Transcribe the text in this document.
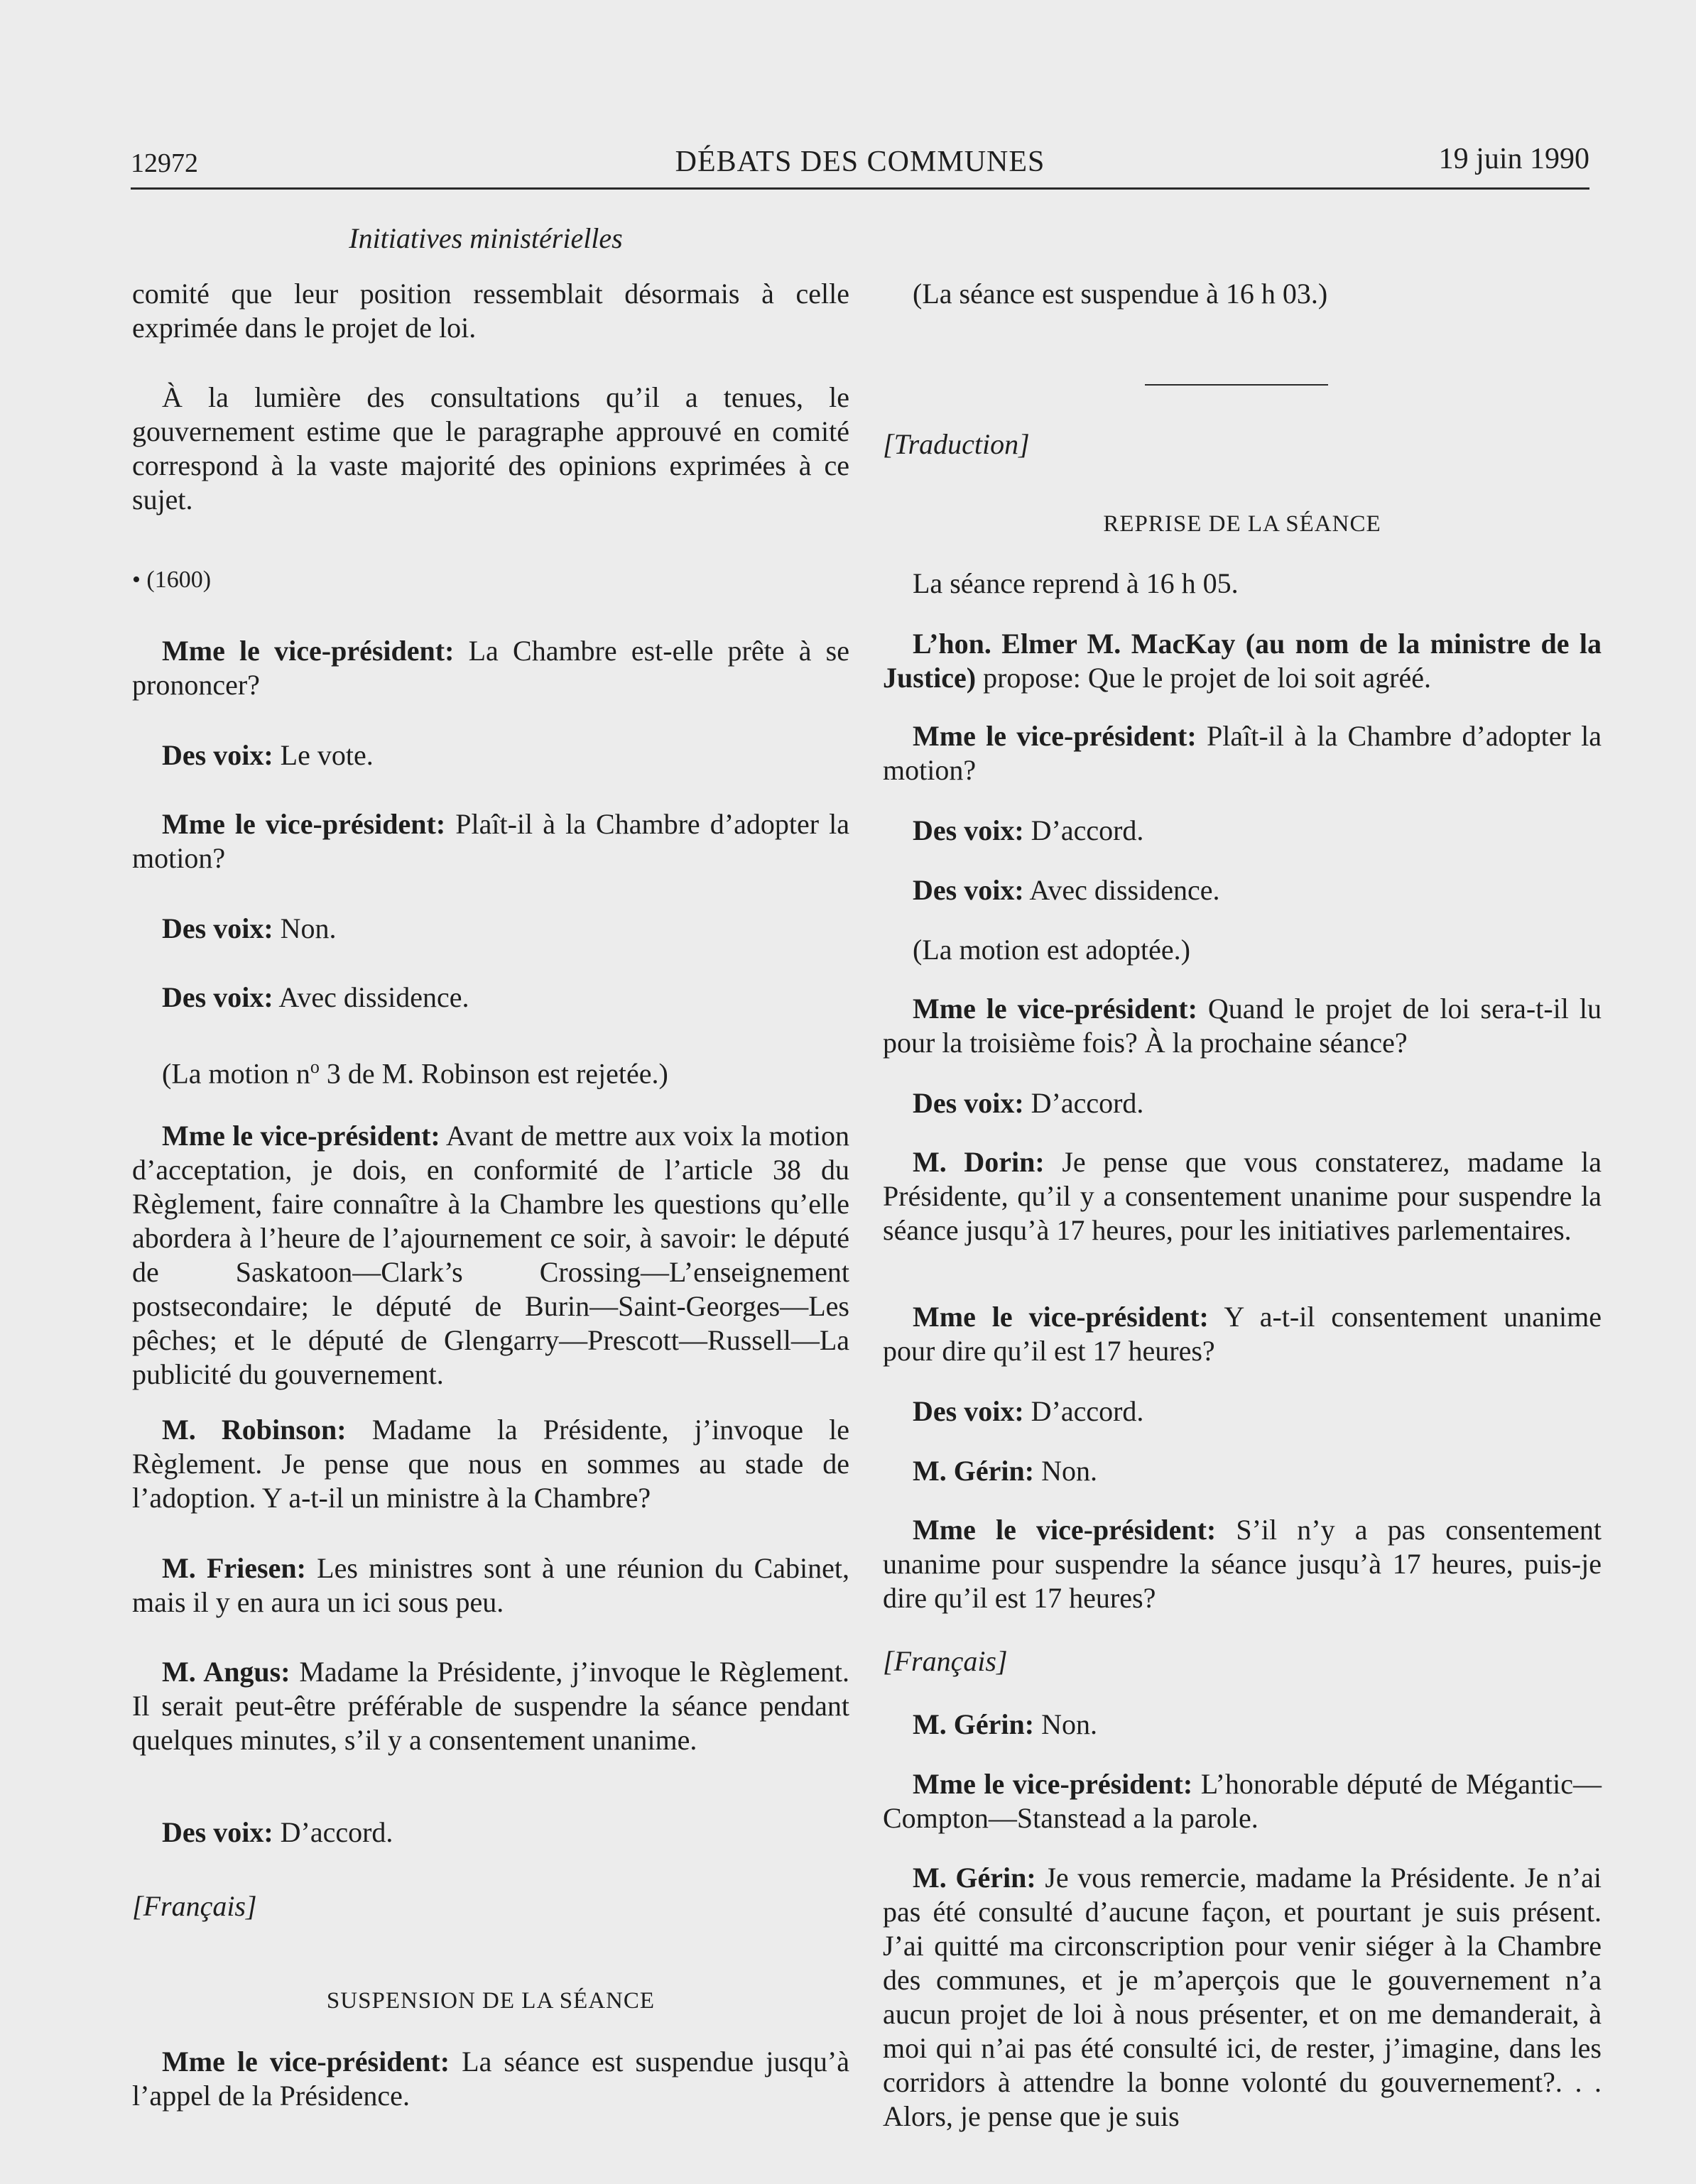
12972	DÉBATS DES COMMUNES	19 juin 1990
Initiatives ministérielles

comité que leur position ressemblait désormais à celle exprimée dans le projet de loi.

À la lumière des consultations qu’il a tenues, le gouvernement estime que le paragraphe approuvé en comité correspond à la vaste majorité des opinions exprimées à ce sujet.

• (1600)

Mme le vice-président: La Chambre est-elle prête à se prononcer?

Des voix: Le vote.

Mme le vice-président: Plaît-il à la Chambre d’adopter la motion?

Des voix: Non.

Des voix: Avec dissidence.

(La motion $n^o$ 3 de M. Robinson est rejetée.)

Mme le vice-président: Avant de mettre aux voix la motion d’acceptation, je dois, en conformité de l’article 38 du Règlement, faire connaître à la Chambre les questions qu’elle abordera à l’heure de l’ajournement ce soir, à savoir: le député de Saskatoon—Clark’s Crossing—L’enseignement postsecondaire; le député de Burin—Saint-Georges—Les pêches; et le député de Glengarry—Prescott—Russell—La publicité du gouvernement.

M. Robinson: Madame la Présidente, j’invoque le Règlement. Je pense que nous en sommes au stade de l’adoption. Y a-t-il un ministre à la Chambre?

M. Friesen: Les ministres sont à une réunion du Cabinet, mais il y en aura un ici sous peu.

M. Angus: Madame la Présidente, j’invoque le Règlement. Il serait peut-être préférable de suspendre la séance pendant quelques minutes, s’il y a consentement unanime.

Des voix: D’accord.

[Français]

SUSPENSION DE LA SÉANCE

Mme le vice-président: La séance est suspendue jusqu’à l’appel de la Présidence.

(La séance est suspendue à 16 h 03.)

[Traduction]

REPRISE DE LA SÉANCE

La séance reprend à 16 h 05.

L’hon. Elmer M. MacKay (au nom de la ministre de la Justice) propose: Que le projet de loi soit agréé.

Mme le vice-président: Plaît-il à la Chambre d’adopter la motion?

Des voix: D’accord.

Des voix: Avec dissidence.

(La motion est adoptée.)

Mme le vice-président: Quand le projet de loi sera-t-il lu pour la troisième fois? À la prochaine séance?

Des voix: D’accord.

M. Dorin: Je pense que vous constaterez, madame la Présidente, qu’il y a consentement unanime pour suspendre la séance jusqu’à 17 heures, pour les initiatives parlementaires.

Mme le vice-président: Y a-t-il consentement unanime pour dire qu’il est 17 heures?

Des voix: D’accord.

M. Gérin: Non.

Mme le vice-président: S’il n’y a pas consentement unanime pour suspendre la séance jusqu’à 17 heures, puis-je dire qu’il est 17 heures?

[Français]

M. Gérin: Non.

Mme le vice-président: L’honorable député de Mégantic—Compton—Stanstead a la parole.

M. Gérin: Je vous remercie, madame la Présidente. Je n’ai pas été consulté d’aucune façon, et pourtant je suis présent. J’ai quitté ma circonscription pour venir siéger à la Chambre des communes, et je m’aperçois que le gouvernement n’a aucun projet de loi à nous présenter, et on me demanderait, à moi qui n’ai pas été consulté ici, de rester, j’imagine, dans les corridors à attendre la bonne volonté du gouvernement?. . . Alors, je pense que je suis
